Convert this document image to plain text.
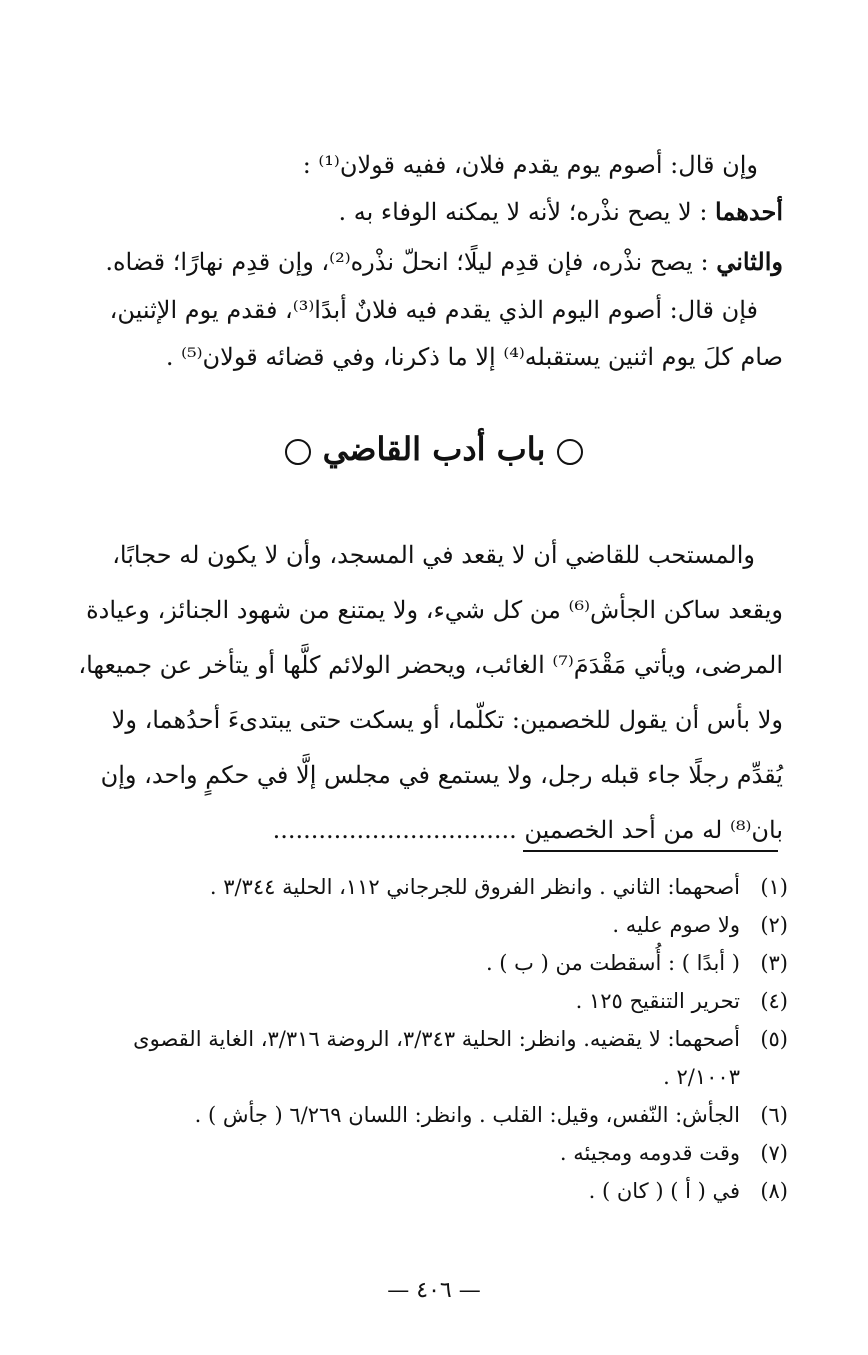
وإن قال: أصوم يوم يقدم فلان، ففيه قولان⁽¹⁾ :
أحدهما : لا يصح نذْره؛ لأنه لا يمكنه الوفاء به .
والثاني : يصح نذْره، فإن قدِم ليلًا؛ انحلّ نذْره⁽²⁾، وإن قدِم نهارًا؛ قضاه.
فإن قال: أصوم اليوم الذي يقدم فيه فلانٌ أبدًا⁽³⁾، فقدم يوم الإثنين،
صام كلَ يوم اثنين يستقبله⁽⁴⁾ إلا ما ذكرنا، وفي قضائه قولان⁽⁵⁾ .
باب أدب القاضي
والمستحب للقاضي أن لا يقعد في المسجد، وأن لا يكون له حجابًا،
ويقعد ساكن الجأش⁽⁶⁾ من كل شيء، ولا يمتنع من شهود الجنائز، وعيادة
المرضى، ويأتي مَقْدَمَ⁽⁷⁾ الغائب، ويحضر الولائم كلَّها أو يتأخر عن جميعها،
ولا بأس أن يقول للخصمين: تكلّما، أو يسكت حتى يبتدىءَ أحدُهما، ولا
يُقدِّم رجلًا جاء قبله رجل، ولا يستمع في مجلس إلَّا في حكمٍ واحد، وإن
بان⁽⁸⁾ له من أحد الخصمين ................................
(١)
أصحهما: الثاني . وانظر الفروق للجرجاني ١١٢، الحلية ٣/٣٤٤ .
(٢)
ولا صوم عليه .
(٣)
( أبدًا ) : أُسقطت من ( ب ) .
(٤)
تحرير التنقيح ١٢٥ .
(٥)
أصحهما: لا يقضيه. وانظر: الحلية ٣/٣٤٣، الروضة ٣/٣١٦، الغاية القصوى ٢/١٠٠٣ .
(٦)
الجأش: النّفس، وقيل: القلب . وانظر: اللسان ٦/٢٦٩ ( جأش ) .
(٧)
وقت قدومه ومجيئه .
(٨)
في ( أ ) ( كان ) .
— ٤٠٦ —
